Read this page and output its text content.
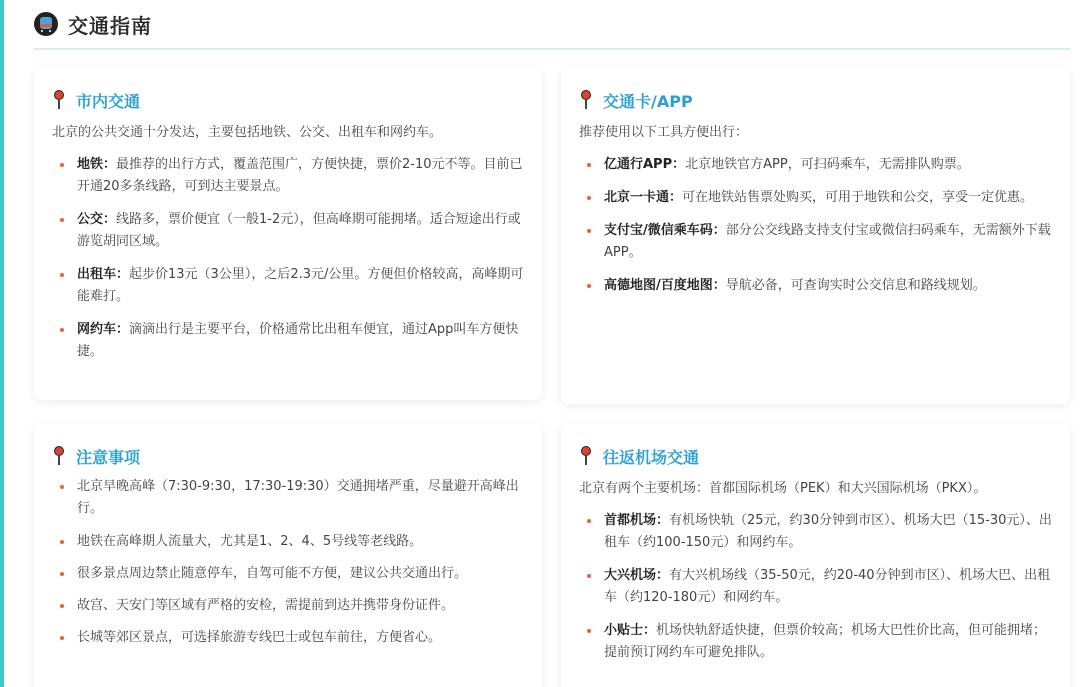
交通指南
市内交通

北京的公共交通十分发达，主要包括地铁、公交、出租车和网约车。

地铁：最推荐的出行方式，覆盖范围广，方便快捷，票价2-10元不等。目前已开通20多条线路，可到达主要景点。
公交：线路多，票价便宜（一般1-2元），但高峰期可能拥堵。适合短途出行或游览胡同区域。
出租车：起步价13元（3公里），之后2.3元/公里。方便但价格较高，高峰期可能难打。
网约车：滴滴出行是主要平台，价格通常比出租车便宜，通过App叫车方便快捷。
交通卡/APP

推荐使用以下工具方便出行：

亿通行APP：北京地铁官方APP，可扫码乘车，无需排队购票。
北京一卡通：可在地铁站售票处购买，可用于地铁和公交，享受一定优惠。
支付宝/微信乘车码：部分公交线路支持支付宝或微信扫码乘车，无需额外下载APP。
高德地图/百度地图：导航必备，可查询实时公交信息和路线规划。
注意事项
北京早晚高峰（7:30-9:30，17:30-19:30）交通拥堵严重，尽量避开高峰出行。
地铁在高峰期人流量大，尤其是1、2、4、5号线等老线路。
很多景点周边禁止随意停车，自驾可能不方便，建议公共交通出行。
故宫、天安门等区域有严格的安检，需提前到达并携带身份证件。
长城等郊区景点，可选择旅游专线巴士或包车前往，方便省心。
往返机场交通

北京有两个主要机场：首都国际机场（PEK）和大兴国际机场（PKX）。

首都机场：有机场快轨（25元，约30分钟到市区）、机场大巴（15-30元）、出租车（约100-150元）和网约车。
大兴机场：有大兴机场线（35-50元，约20-40分钟到市区）、机场大巴、出租车（约120-180元）和网约车。
小贴士：机场快轨舒适快捷，但票价较高；机场大巴性价比高，但可能拥堵；提前预订网约车可避免排队。
